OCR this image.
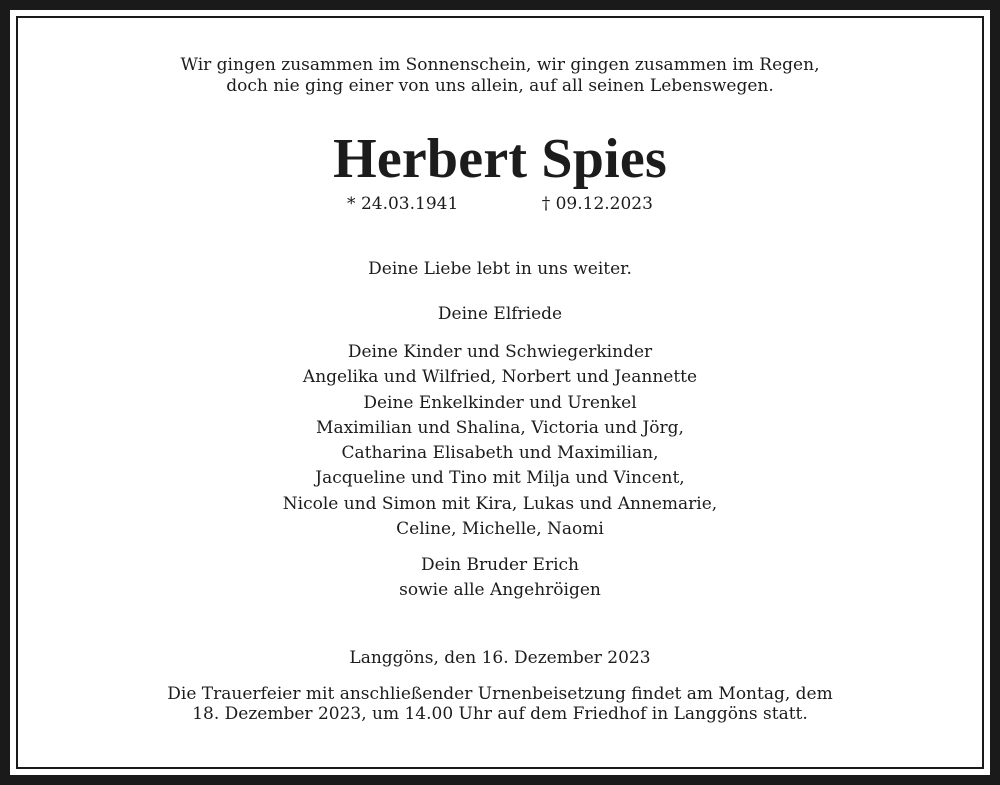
Wir gingen zusammen im Sonnenschein, wir gingen zusammen im Regen,
doch nie ging einer von uns allein, auf all seinen Lebenswegen.
Herbert Spies
* 24.03.1941	† 09.12.2023
Deine Liebe lebt in uns weiter.
Deine Elfriede
Deine Kinder und Schwiegerkinder
Angelika und Wilfried, Norbert und Jeannette
Deine Enkelkinder und Urenkel
Maximilian und Shalina, Victoria und Jörg,
Catharina Elisabeth und Maximilian,
Jacqueline und Tino mit Milja und Vincent,
Nicole und Simon mit Kira, Lukas und Annemarie,
Celine, Michelle, Naomi
Dein Bruder Erich
sowie alle Angehröigen
Langgöns, den 16. Dezember 2023
Die Trauerfeier mit anschließender Urnenbeisetzung findet am Montag, dem
18. Dezember 2023, um 14.00 Uhr auf dem Friedhof in Langgöns statt.
